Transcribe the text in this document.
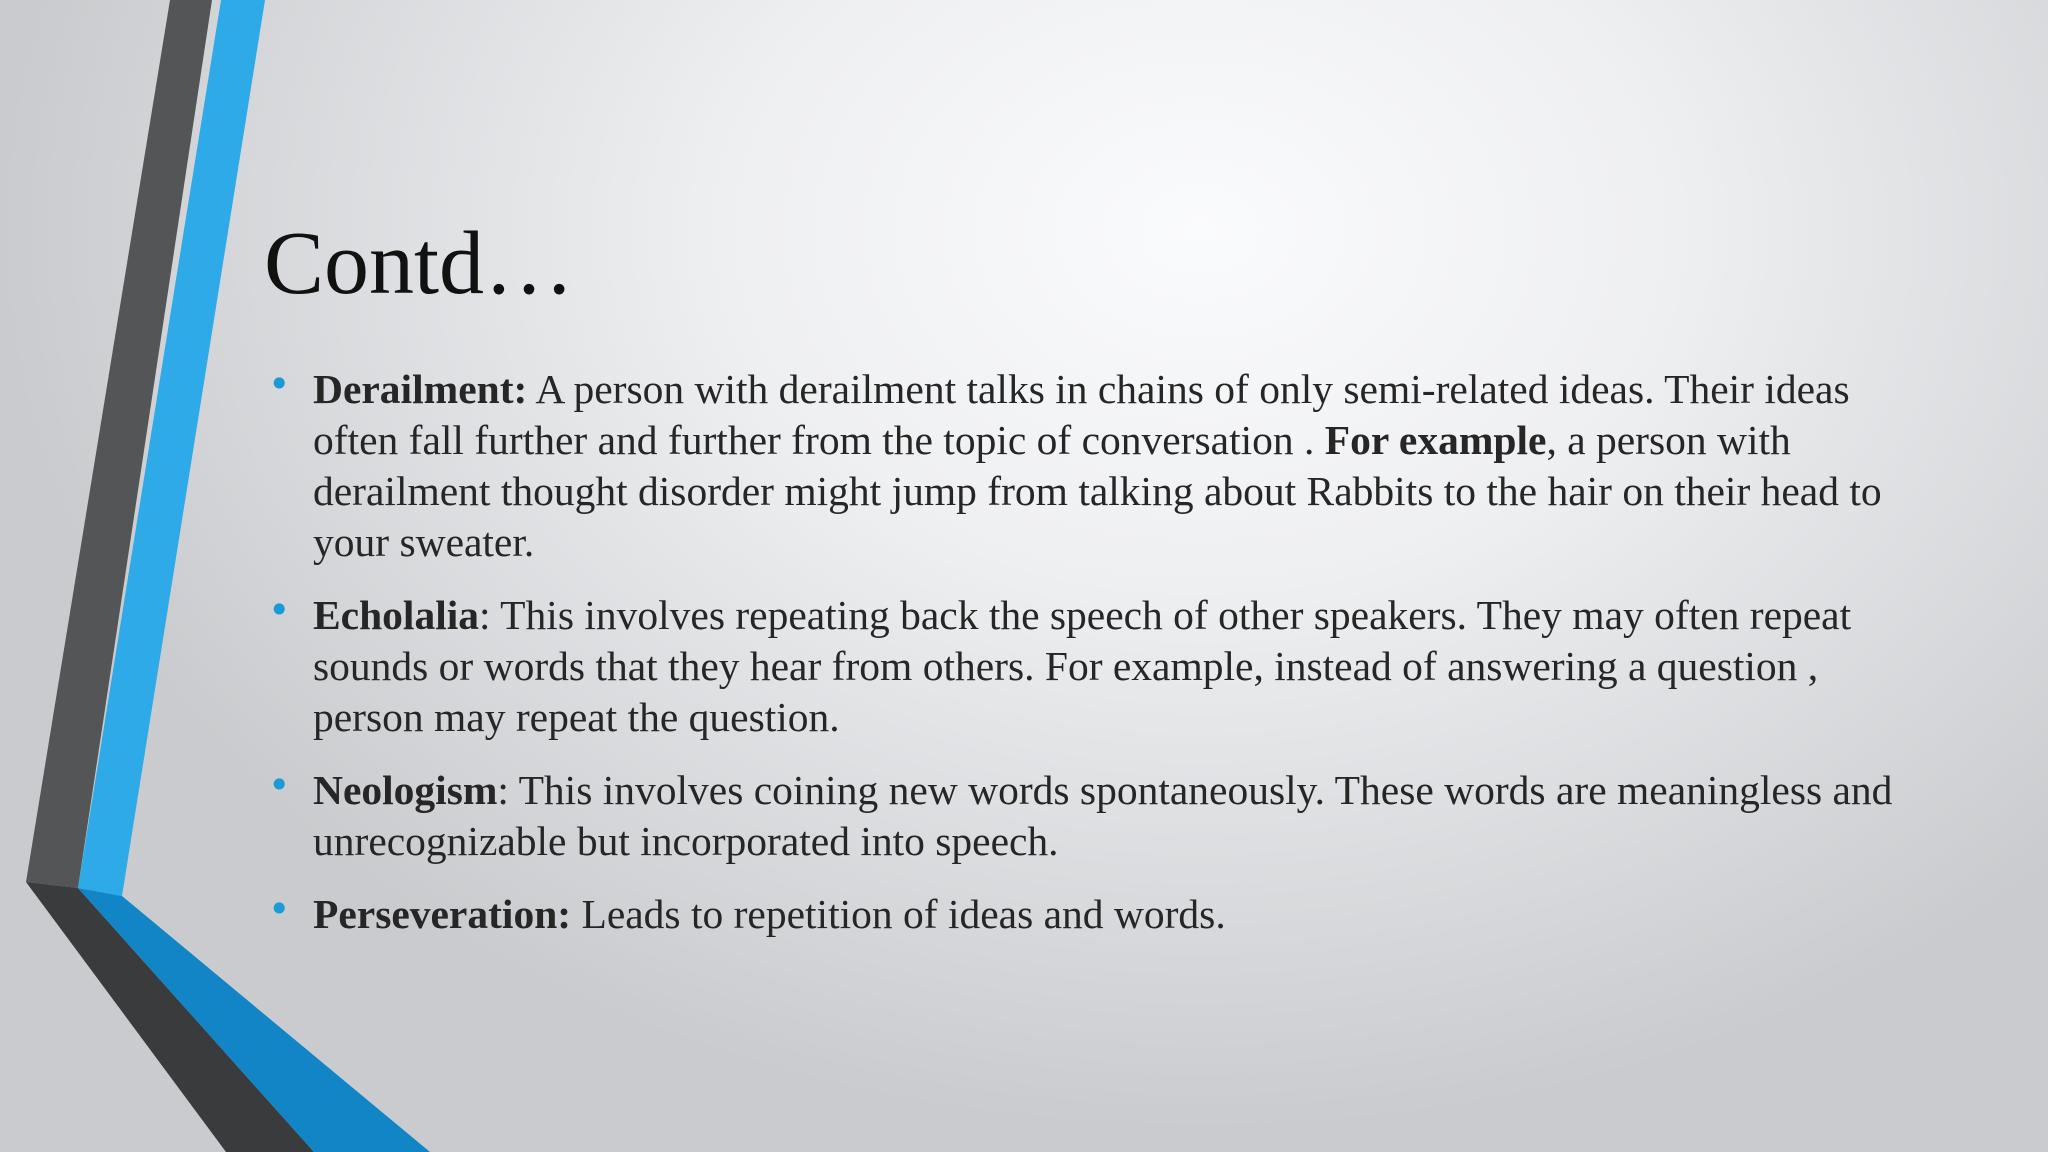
Contd…
• Derailment: A person with derailment talks in chains of only semi-related ideas. Their ideas often fall further and further from the topic of conversation . For example, a person with derailment thought disorder might jump from talking about Rabbits to the hair on their head to your sweater.
• Echolalia: This involves repeating back the speech of other speakers. They may often repeat sounds or words that they hear from others. For example, instead of answering a question , person may repeat the question.
• Neologism: This involves coining new words spontaneously. These words are meaningless and unrecognizable but incorporated into speech.
• Perseveration: Leads to repetition of ideas and words.
